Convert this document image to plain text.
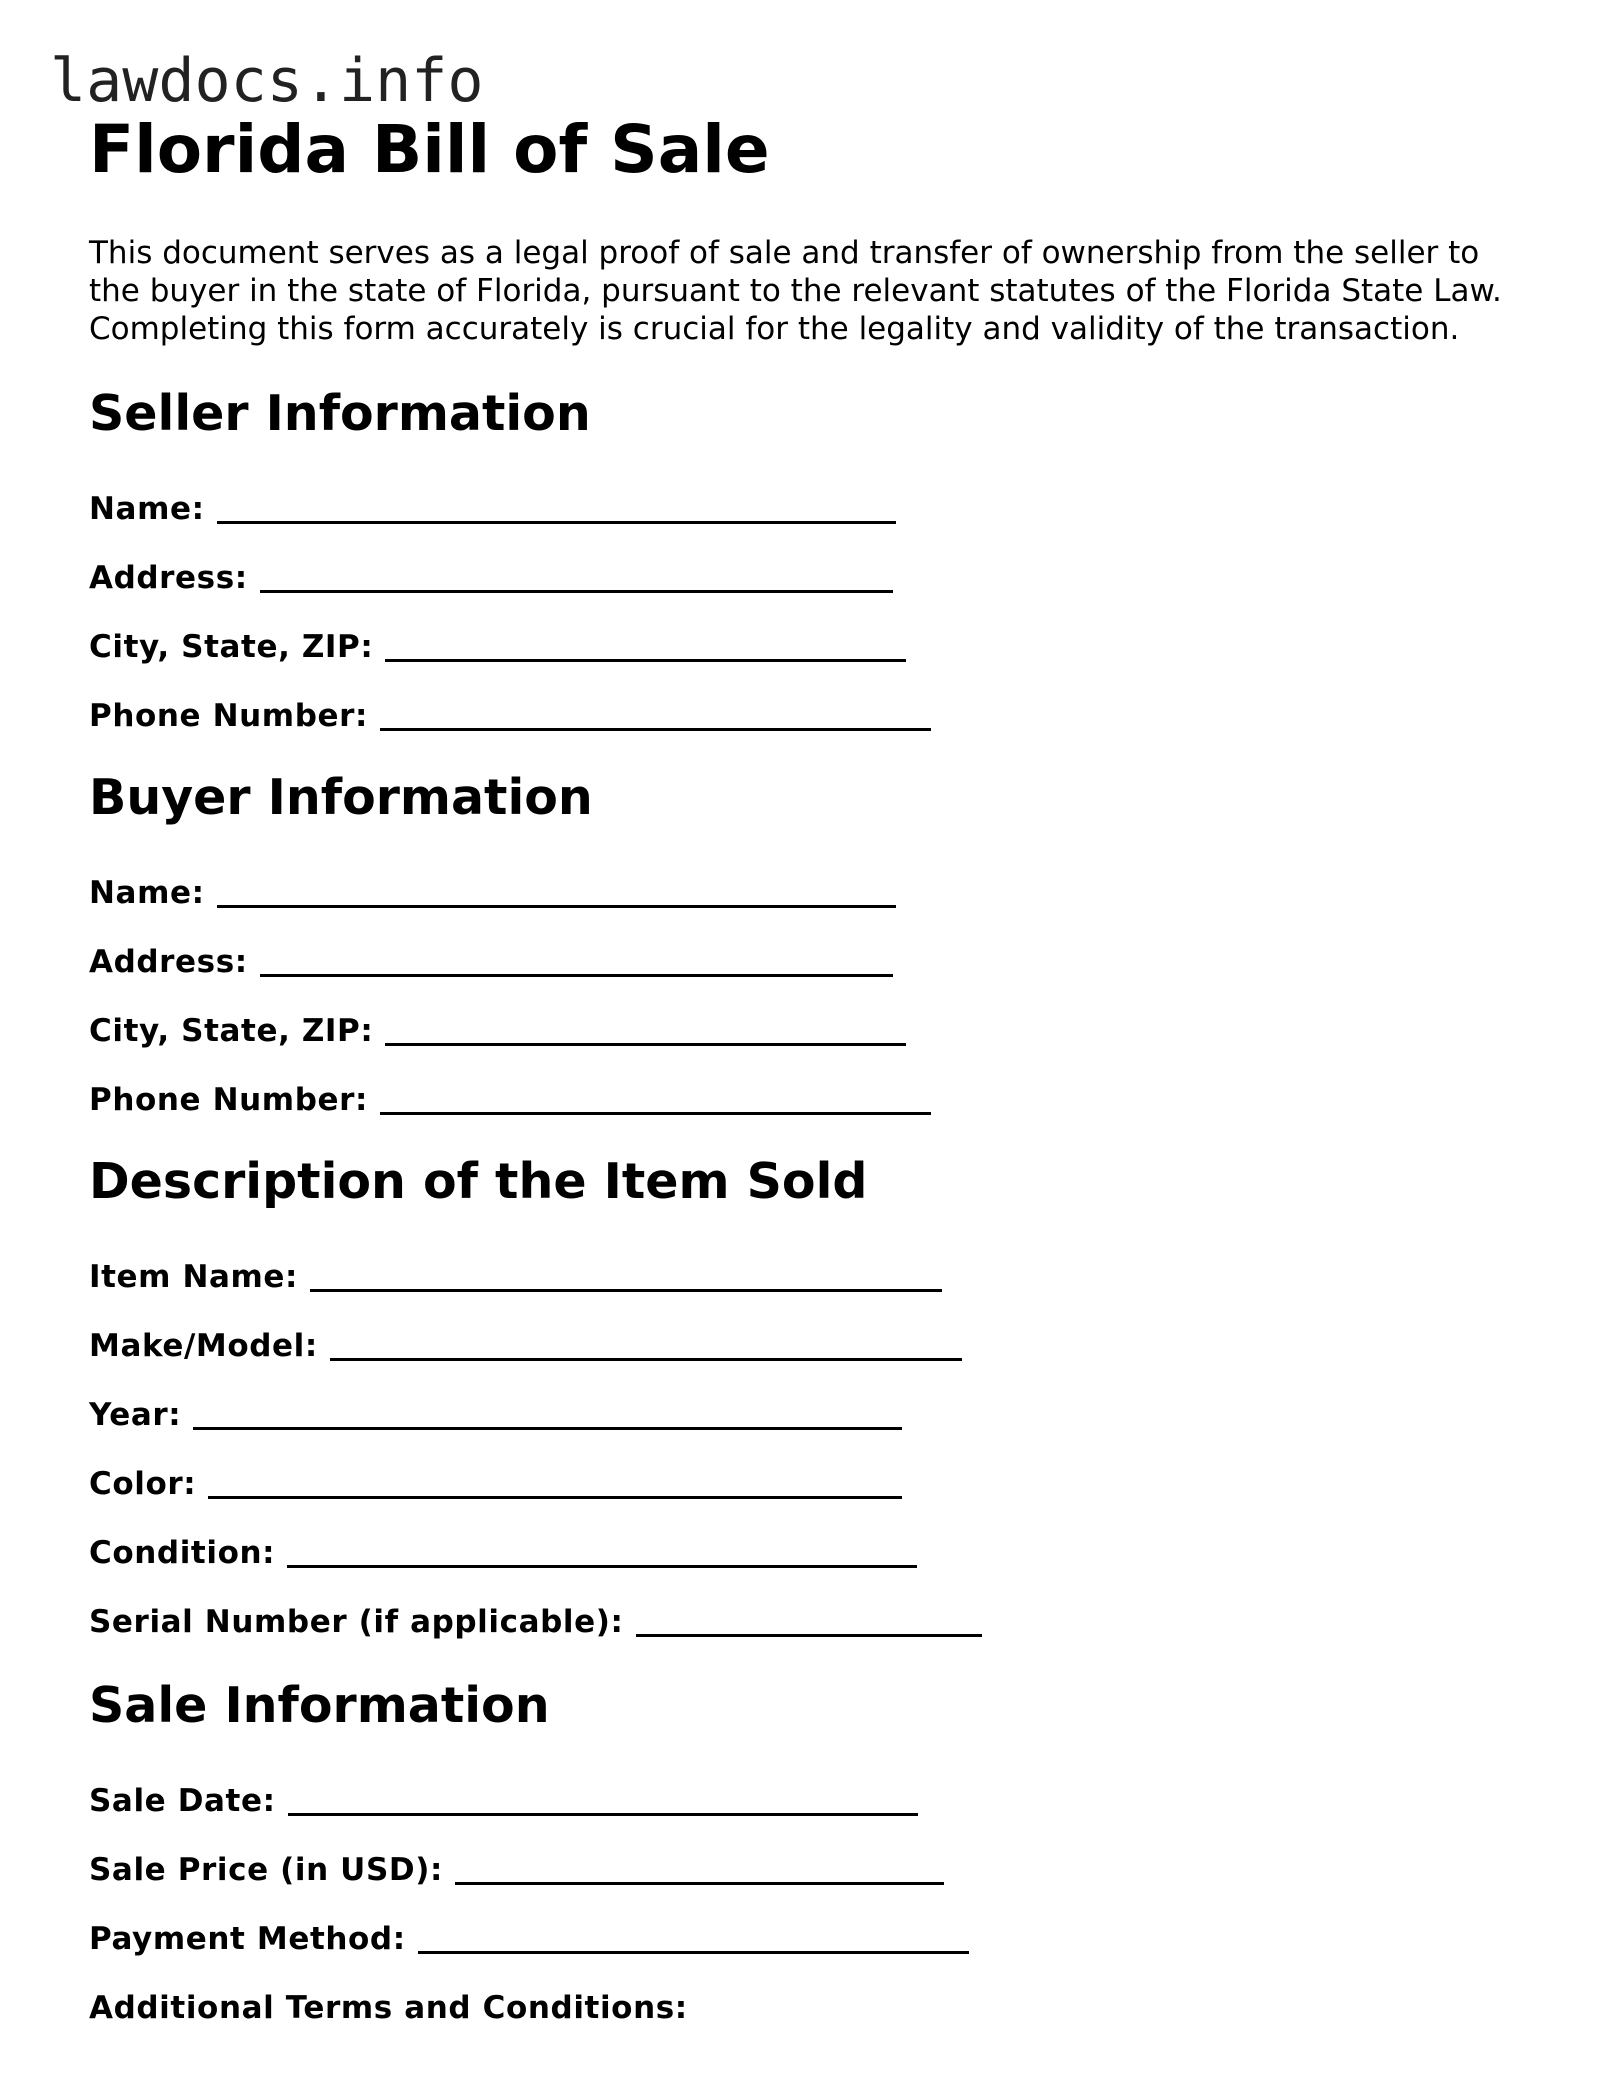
lawdocs.info
Florida Bill of Sale

This document serves as a legal proof of sale and transfer of ownership from the seller to the buyer in the state of Florida, pursuant to the relevant statutes of the Florida State Law. Completing this form accurately is crucial for the legality and validity of the transaction.

Seller Information
Name:
Address:
City, State, ZIP:
Phone Number:
Buyer Information
Name:
Address:
City, State, ZIP:
Phone Number:
Description of the Item Sold
Item Name:
Make/Model:
Year:
Color:
Condition:
Serial Number (if applicable):
Sale Information
Sale Date:
Sale Price (in USD):
Payment Method:
Additional Terms and Conditions:
